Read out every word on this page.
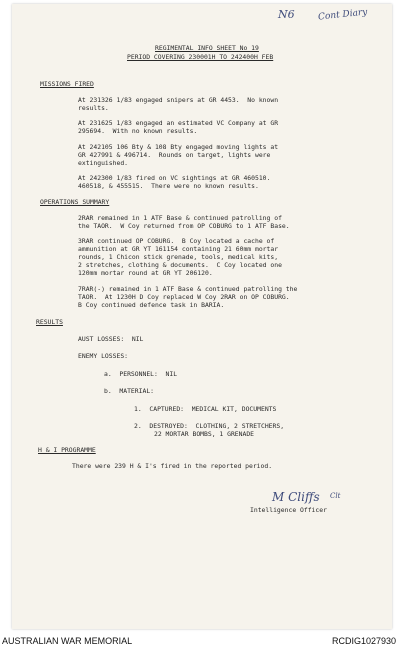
N6	Cont Diary
REGIMENTAL INFO SHEET No 19
PERIOD COVERING 230001H TO 242400H FEB
MISSIONS FIRED
At 231326 1/83 engaged snipers at GR 4453.  No known
results.
At 231625 1/83 engaged an estimated VC Company at GR
295694.  With no known results.
At 242105 106 Bty & 108 Bty engaged moving lights at
GR 427991 & 496714.  Rounds on target, lights were
extinguished.
At 242300 1/83 fired on VC sightings at GR 460510.
460518, & 455515.  There were no known results.
OPERATIONS SUMMARY
2RAR remained in 1 ATF Base & continued patrolling of
the TAOR.  W Coy returned from OP COBURG to 1 ATF Base.
3RAR continued OP COBURG.  B Coy located a cache of
ammunition at GR YT 161154 containing 21 60mm mortar
rounds, 1 Chicon stick grenade, tools, medical kits,
2 stretches, clothing & documents.  C Coy located one
120mm mortar round at GR YT 206120.
7RAR(-) remained in 1 ATF Base & continued patrolling the
TAOR.  At 1230H D Coy replaced W Coy 2RAR on OP COBURG.
B Coy continued defence task in BARIA.
RESULTS
AUST LOSSES:  NIL
ENEMY LOSSES:
a.  PERSONNEL:  NIL
b.  MATERIAL:
1.  CAPTURED:  MEDICAL KIT, DOCUMENTS
2.  DESTROYED:  CLOTHING, 2 STRETCHERS,
22 MORTAR BOMBS, 1 GRENADE
H & I PROGRAMME
There were 239 H & I's fired in the reported period.
M Cliffs Clt
Intelligence Officer
AUSTRALIAN WAR MEMORIAL	RCDIG1027930
